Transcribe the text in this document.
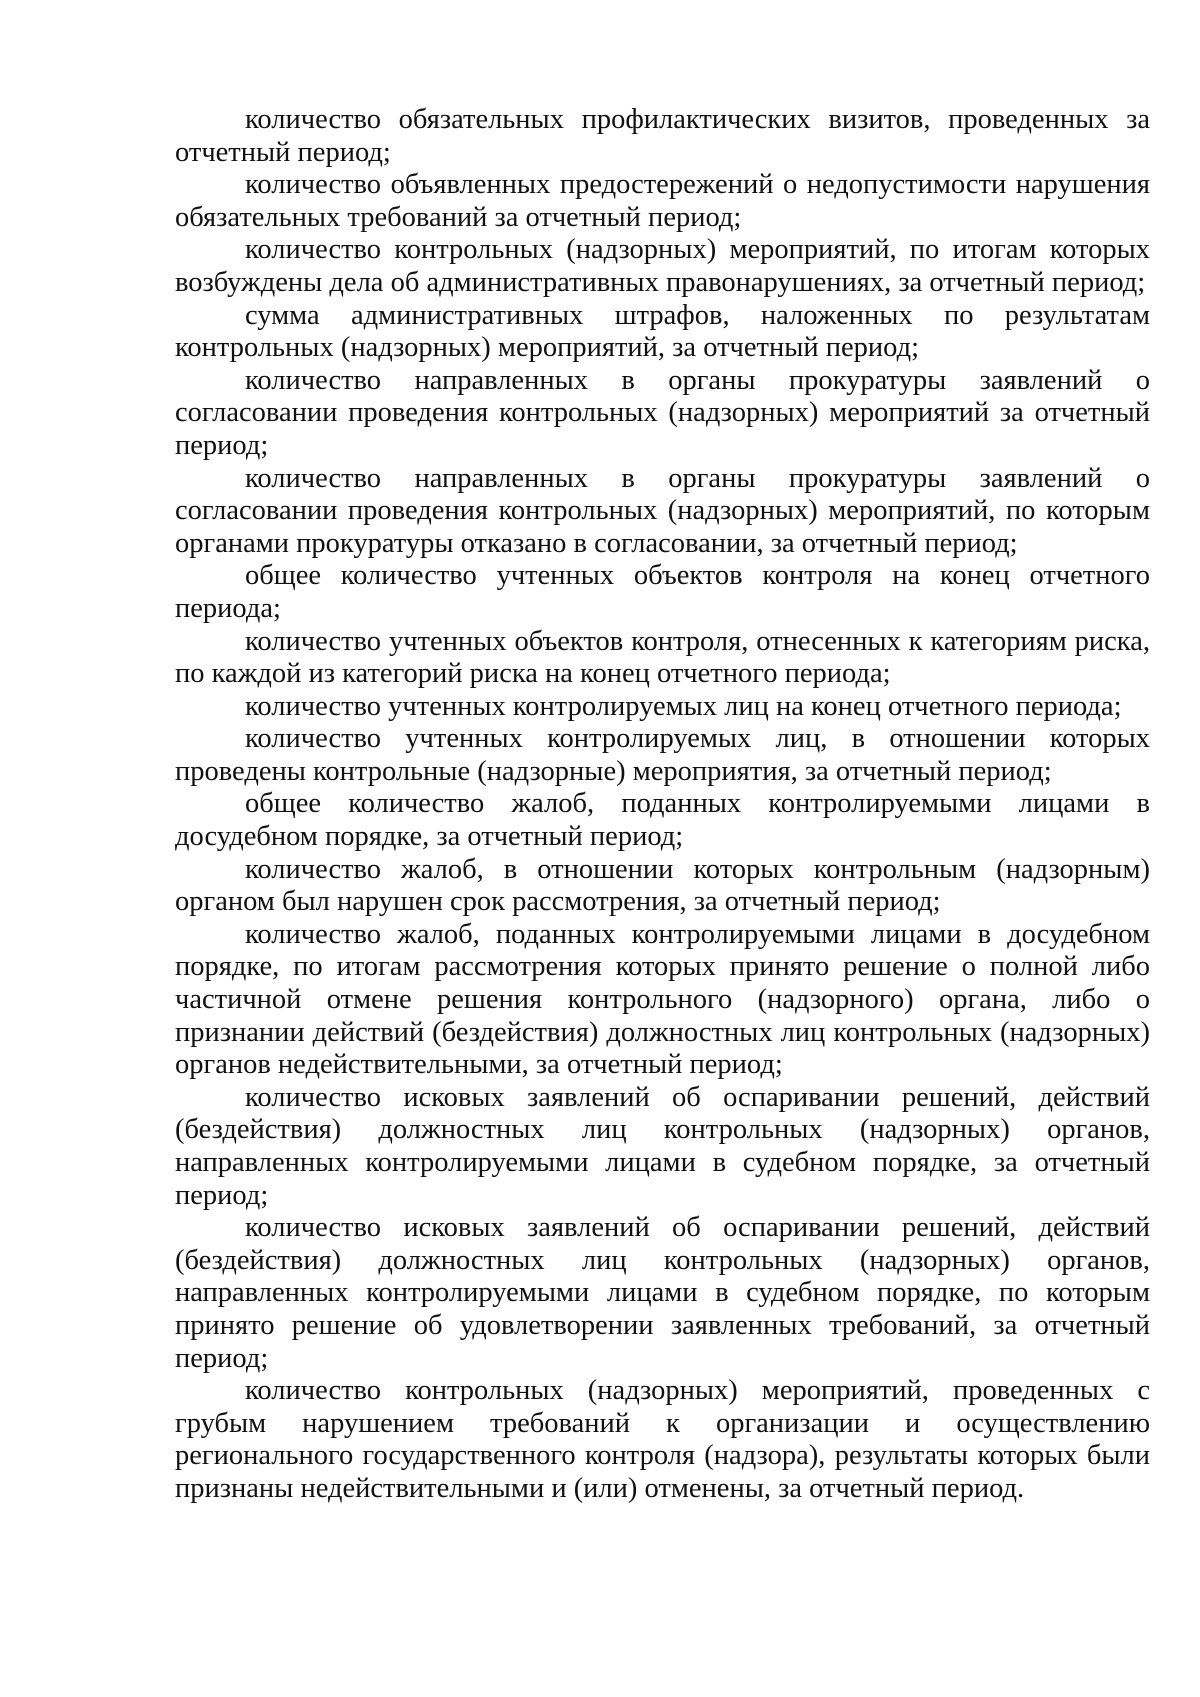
количество обязательных профилактических визитов, проведенных за отчетный период;

количество объявленных предостережений о недопустимости нарушения обязательных требований за отчетный период;

количество контрольных (надзорных) мероприятий, по итогам которых возбуждены дела об административных правонарушениях, за отчетный период;

сумма административных штрафов, наложенных по результатам контрольных (надзорных) мероприятий, за отчетный период;

количество направленных в органы прокуратуры заявлений о согласовании проведения контрольных (надзорных) мероприятий за отчетный период;

количество направленных в органы прокуратуры заявлений о согласовании проведения контрольных (надзорных) мероприятий, по которым органами прокуратуры отказано в согласовании, за отчетный период;

общее количество учтенных объектов контроля на конец отчетного периода;

количество учтенных объектов контроля, отнесенных к категориям риска, по каждой из категорий риска на конец отчетного периода;

количество учтенных контролируемых лиц на конец отчетного периода;

количество учтенных контролируемых лиц, в отношении которых проведены контрольные (надзорные) мероприятия, за отчетный период;

общее количество жалоб, поданных контролируемыми лицами в досудебном порядке, за отчетный период;

количество жалоб, в отношении которых контрольным (надзорным) органом был нарушен срок рассмотрения, за отчетный период;

количество жалоб, поданных контролируемыми лицами в досудебном порядке, по итогам рассмотрения которых принято решение о полной либо частичной отмене решения контрольного (надзорного) органа, либо о признании действий (бездействия) должностных лиц контрольных (надзорных) органов недействительными, за отчетный период;

количество исковых заявлений об оспаривании решений, действий (бездействия) должностных лиц контрольных (надзорных) органов, направленных контролируемыми лицами в судебном порядке, за отчетный период;

количество исковых заявлений об оспаривании решений, действий (бездействия) должностных лиц контрольных (надзорных) органов, направленных контролируемыми лицами в судебном порядке, по которым принято решение об удовлетворении заявленных требований, за отчетный период;

количество контрольных (надзорных) мероприятий, проведенных с грубым нарушением требований к организации и осуществлению регионального государственного контроля (надзора), результаты которых были признаны недействительными и (или) отменены, за отчетный период.
